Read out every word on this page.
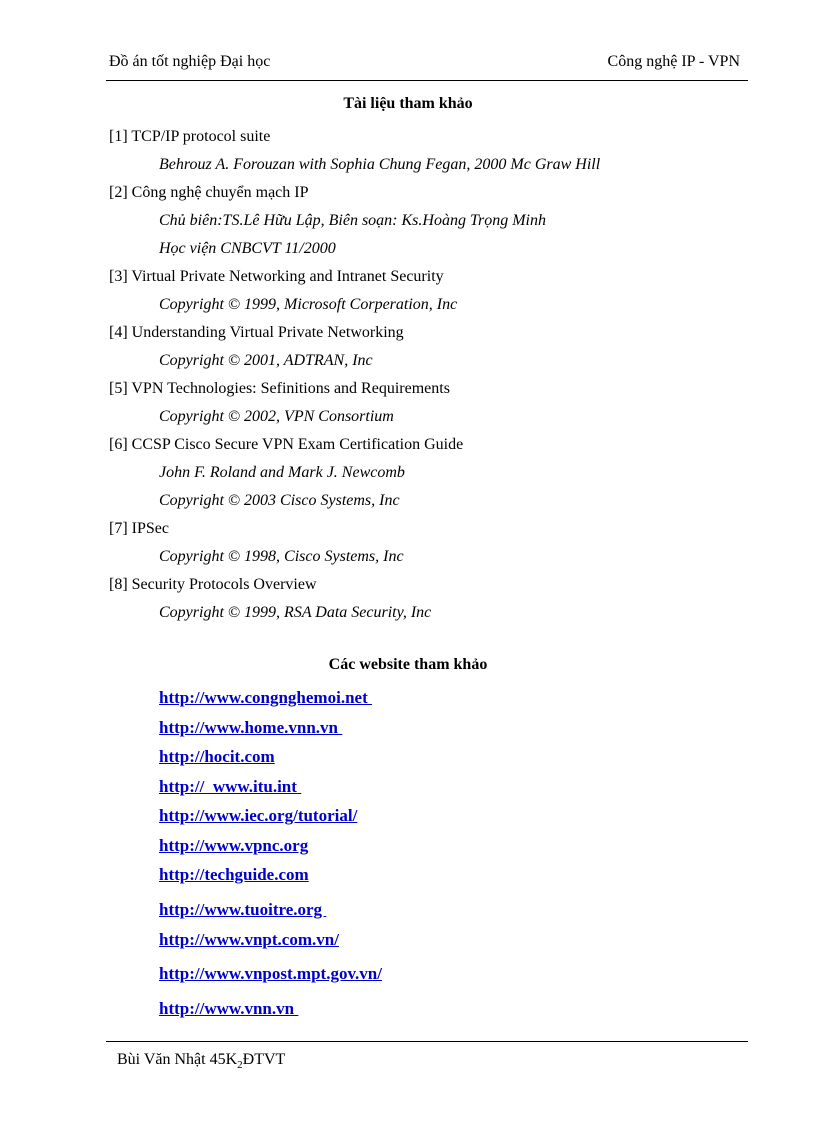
Đồ án tốt nghiệp Đại học	Công nghệ IP - VPN
Tài liệu tham khảo
[1] TCP/IP protocol suite
Behrouz A. Forouzan with Sophia Chung Fegan, 2000 Mc Graw Hill
[2] Công nghệ chuyển mạch IP
Chủ biên:TS.Lê Hữu Lập, Biên soạn: Ks.Hoàng Trọng Minh
Học viện CNBCVT 11/2000
[3] Virtual Private Networking and Intranet Security
Copyright © 1999, Microsoft Corperation, Inc
[4] Understanding Virtual Private Networking
Copyright © 2001, ADTRAN, Inc
[5] VPN Technologies: Sefinitions and Requirements
Copyright © 2002, VPN Consortium
[6] CCSP Cisco Secure VPN Exam Certification Guide
John F. Roland and Mark J. Newcomb
Copyright © 2003 Cisco Systems, Inc
[7] IPSec
Copyright © 1998, Cisco Systems, Inc
[8] Security Protocols Overview
Copyright © 1999, RSA Data Security, Inc
Các website tham khảo
http://www.congnghemoi.net
http://www.home.vnn.vn
http://hocit.com
http://  www.itu.int
http://www.iec.org/tutorial/
http://www.vpnc.org
http://techguide.com
http://www.tuoitre.org
http://www.vnpt.com.vn/
http://www.vnpost.mpt.gov.vn/
http://www.vnn.vn
Bùi Văn Nhật $45K_2ĐTVT$
